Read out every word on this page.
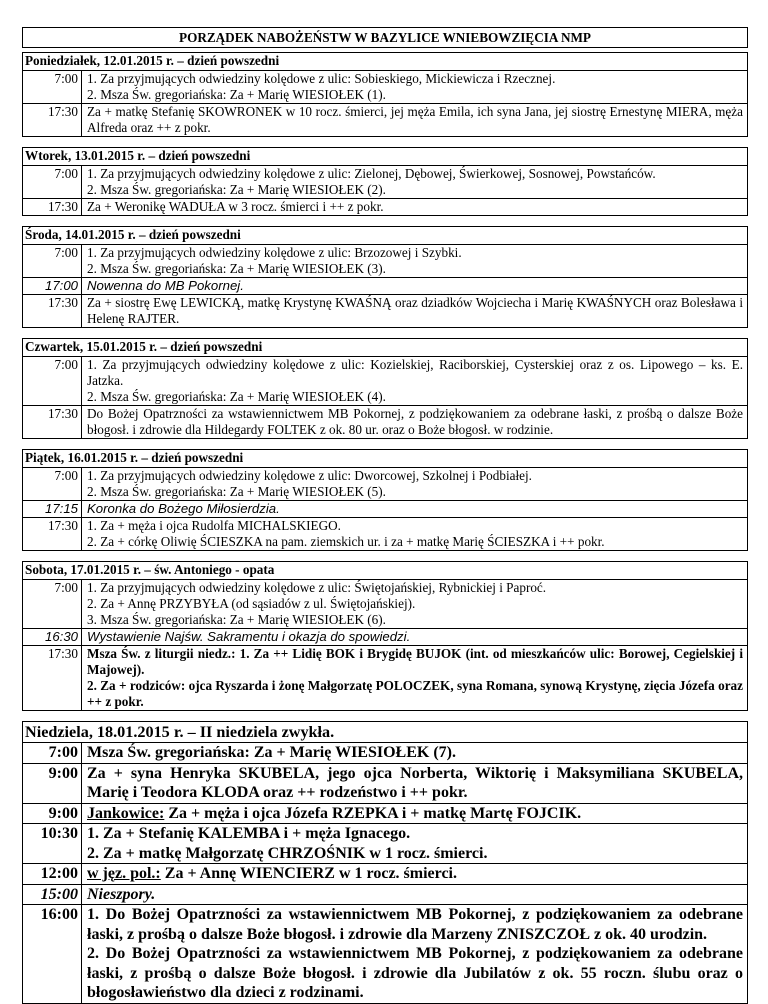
PORZĄDEK NABOŻEŃSTW W BAZYLICE WNIEBOWZIĘCIA NMP
Poniedziałek, 12.01.2015 r. – dzień powszedni
7:00	1. Za przyjmujących odwiedziny kolędowe z ulic: Sobieskiego, Mickiewicza i Rzecznej.
2. Msza Św. gregoriańska: Za + Marię WIESIOŁEK (1).

17:30	Za + matkę Stefanię SKOWRONEK w 10 rocz. śmierci, jej męża Emila, ich syna Jana, jej siostrę Ernestynę MIERA, męża Alfreda oraz ++ z pokr.
Wtorek, 13.01.2015 r. – dzień powszedni
7:00	1. Za przyjmujących odwiedziny kolędowe z ulic: Zielonej, Dębowej, Świerkowej, Sosnowej, Powstańców.
2. Msza Św. gregoriańska: Za + Marię WIESIOŁEK (2).

17:30	Za + Weronikę WADUŁA w 3 rocz. śmierci i ++ z pokr.
Środa, 14.01.2015 r. – dzień powszedni
7:00	1. Za przyjmujących odwiedziny kolędowe z ulic: Brzozowej i Szybki.
2. Msza Św. gregoriańska: Za + Marię WIESIOŁEK (3).

17:00	Nowenna do MB Pokornej.

17:30	Za + siostrę Ewę LEWICKĄ, matkę Krystynę KWAŚNĄ oraz dziadków Wojciecha i Marię KWAŚNYCH oraz Bolesława i Helenę RAJTER.
Czwartek, 15.01.2015 r. – dzień powszedni
7:00	1. Za przyjmujących odwiedziny kolędowe z ulic: Kozielskiej, Raciborskiej, Cysterskiej oraz z os. Lipowego – ks. E. Jatzka.
2. Msza Św. gregoriańska: Za + Marię WIESIOŁEK (4).

17:30	Do Bożej Opatrzności za wstawiennictwem MB Pokornej, z podziękowaniem za odebrane łaski, z prośbą o dalsze Boże błogosł. i zdrowie dla Hildegardy FOLTEK z ok. 80 ur. oraz o Boże błogosł. w rodzinie.
Piątek, 16.01.2015 r. – dzień powszedni
7:00	1. Za przyjmujących odwiedziny kolędowe z ulic: Dworcowej, Szkolnej i Podbiałej.
2. Msza Św. gregoriańska: Za + Marię WIESIOŁEK (5).

17:15	Koronka do Bożego Miłosierdzia.

17:30	1. Za + męża i ojca Rudolfa MICHALSKIEGO.
2. Za + córkę Oliwię ŚCIESZKA na pam. ziemskich ur. i za + matkę Marię ŚCIESZKA i ++ pokr.
Sobota, 17.01.2015 r. – św. Antoniego - opata
7:00	1. Za przyjmujących odwiedziny kolędowe z ulic: Świętojańskiej, Rybnickiej i Paproć.
2. Za + Annę PRZYBYŁA (od sąsiadów z ul. Świętojańskiej).
3. Msza Św. gregoriańska: Za + Marię WIESIOŁEK (6).

16:30	Wystawienie Najśw. Sakramentu i okazja do spowiedzi.

17:30	Msza Św. z liturgii niedz.: 1. Za ++ Lidię BOK i Brygidę BUJOK (int. od mieszkańców ulic: Borowej, Cegielskiej i Majowej).
2. Za + rodziców: ojca Ryszarda i żonę Małgorzatę POLOCZEK, syna Romana, synową Krystynę, zięcia Józefa oraz ++ z pokr.
Niedziela, 18.01.2015 r. – II niedziela zwykła.
7:00	Msza Św. gregoriańska: Za + Marię WIESIOŁEK (7).

9:00	Za + syna Henryka SKUBELA, jego ojca Norberta, Wiktorię i Maksymiliana SKUBELA, Marię i Teodora KLODA oraz ++ rodzeństwo i ++ pokr.

9:00	Jankowice: Za + męża i ojca Józefa RZEPKA i + matkę Martę FOJCIK.

10:30	1. Za + Stefanię KALEMBA i + męża Ignacego.
2. Za + matkę Małgorzatę CHRZOŚNIK w 1 rocz. śmierci.

12:00	w jęz. pol.: Za + Annę WIENCIERZ w 1 rocz. śmierci.

15:00	Nieszpory.

16:00	1. Do Bożej Opatrzności za wstawiennictwem MB Pokornej, z podziękowaniem za odebrane łaski, z prośbą o dalsze Boże błogosł. i zdrowie dla Marzeny ZNISZCZOŁ z ok. 40 urodzin.
2. Do Bożej Opatrzności za wstawiennictwem MB Pokornej, z podziękowaniem za odebrane łaski, z prośbą o dalsze Boże błogosł. i zdrowie dla Jubilatów z ok. 55 roczn. ślubu oraz o błogosławieństwo dla dzieci z rodzinami.
